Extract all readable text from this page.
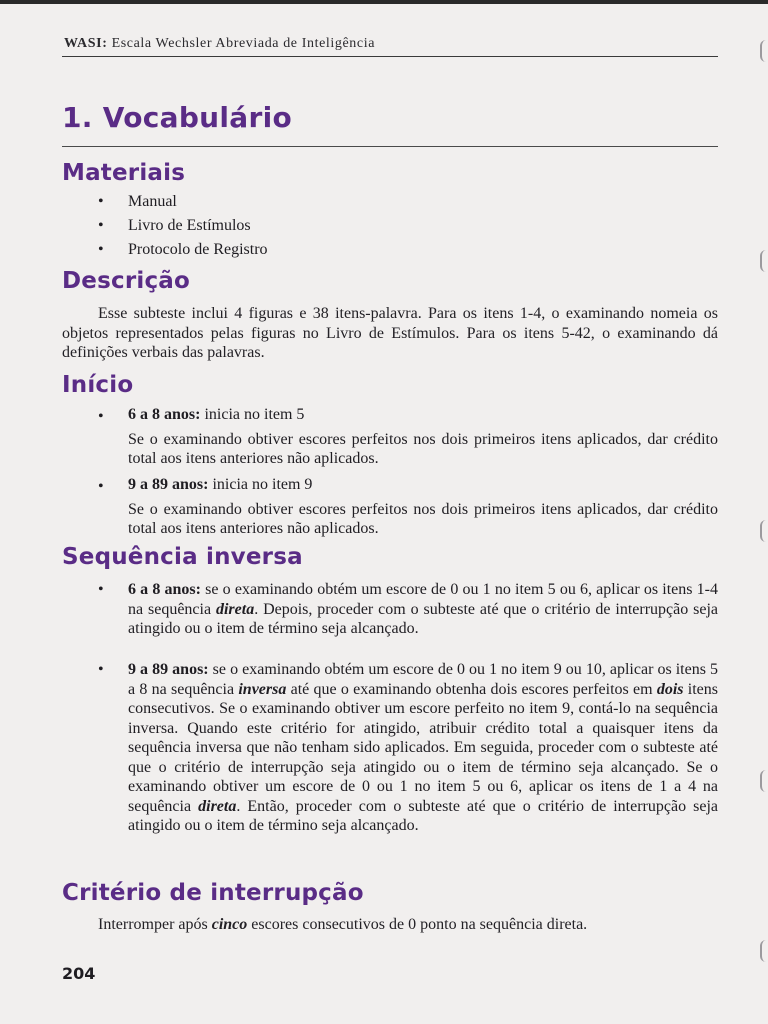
WASI: Escala Wechsler Abreviada de Inteligência
1. Vocabulário
Materiais
• Manual
• Livro de Estímulos
• Protocolo de Registro
Descrição
Esse subteste inclui 4 figuras e 38 itens-palavra. Para os itens 1-4, o examinando nomeia os objetos representados pelas figuras no Livro de Estímulos. Para os itens 5-42, o examinando dá definições verbais das palavras.
Início
• 6 a 8 anos: inicia no item 5
Se o examinando obtiver escores perfeitos nos dois primeiros itens aplicados, dar crédito total aos itens anteriores não aplicados.
• 9 a 89 anos: inicia no item 9
Se o examinando obtiver escores perfeitos nos dois primeiros itens aplicados, dar crédito total aos itens anteriores não aplicados.
Sequência inversa
•	6 a 8 anos: se o examinando obtém um escore de 0 ou 1 no item 5 ou 6, aplicar os itens 1-4 na sequência direta. Depois, proceder com o subteste até que o critério de interrupção seja atingido ou o item de término seja alcançado.
•	9 a 89 anos: se o examinando obtém um escore de 0 ou 1 no item 9 ou 10, aplicar os itens 5 a 8 na sequência inversa até que o examinando obtenha dois escores perfeitos em dois itens consecutivos. Se o examinando obtiver um escore perfeito no item 9, contá-lo na sequência inversa. Quando este critério for atingido, atribuir crédito total a quaisquer itens da sequência inversa que não tenham sido aplicados. Em seguida, proceder com o subteste até que o critério de interrupção seja atingido ou o item de término seja alcançado. Se o examinando obtiver um escore de 0 ou 1 no item 5 ou 6, aplicar os itens de 1 a 4 na sequência direta. Então, proceder com o subteste até que o critério de interrupção seja atingido ou o item de término seja alcançado.
Critério de interrupção
Interromper após cinco escores consecutivos de 0 ponto na sequência direta.
204
